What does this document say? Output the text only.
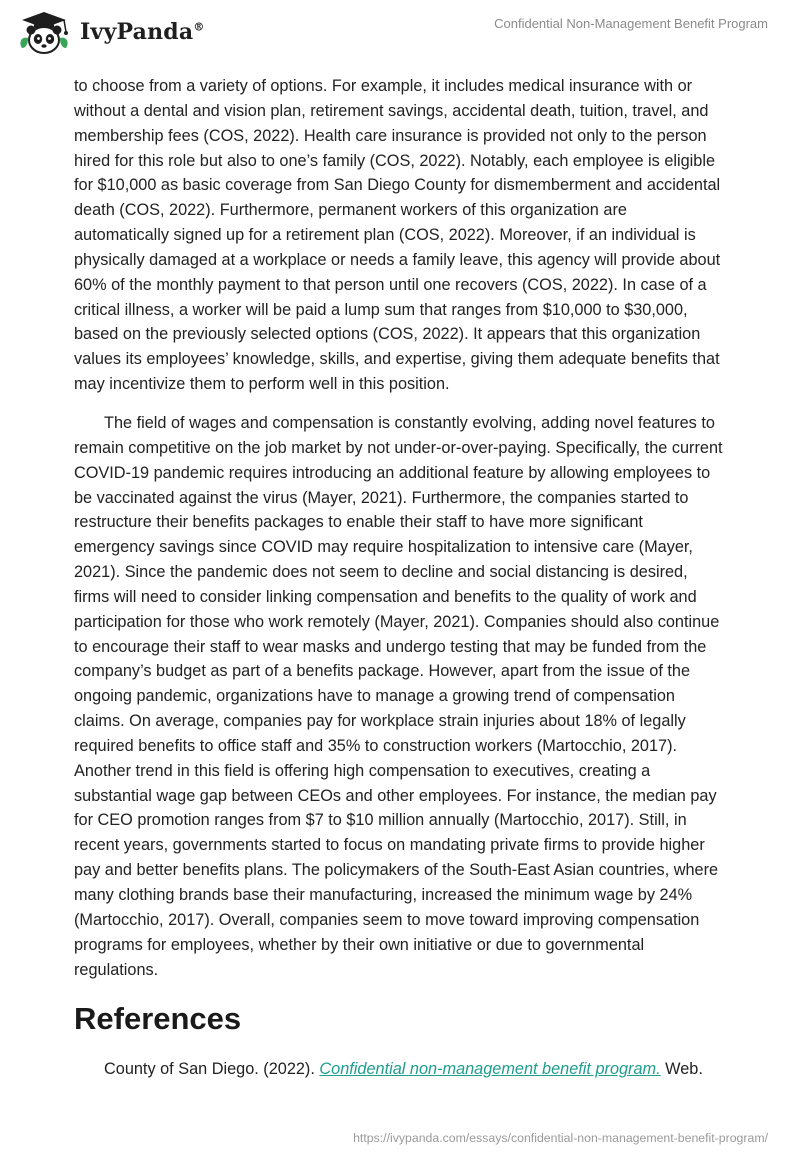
IvyPanda®	Confidential Non-Management Benefit Program

to choose from a variety of options. For example, it includes medical insurance with or without a dental and vision plan, retirement savings, accidental death, tuition, travel, and membership fees (COS, 2022). Health care insurance is provided not only to the person hired for this role but also to one’s family (COS, 2022). Notably, each employee is eligible for $10,000 as basic coverage from San Diego County for dismemberment and accidental death (COS, 2022). Furthermore, permanent workers of this organization are automatically signed up for a retirement plan (COS, 2022). Moreover, if an individual is physically damaged at a workplace or needs a family leave, this agency will provide about 60% of the monthly payment to that person until one recovers (COS, 2022). In case of a critical illness, a worker will be paid a lump sum that ranges from $10,000 to $30,000, based on the previously selected options (COS, 2022). It appears that this organization values its employees’ knowledge, skills, and expertise, giving them adequate benefits that may incentivize them to perform well in this position.

The field of wages and compensation is constantly evolving, adding novel features to remain competitive on the job market by not under-or-over-paying. Specifically, the current COVID-19 pandemic requires introducing an additional feature by allowing employees to be vaccinated against the virus (Mayer, 2021). Furthermore, the companies started to restructure their benefits packages to enable their staff to have more significant emergency savings since COVID may require hospitalization to intensive care (Mayer, 2021). Since the pandemic does not seem to decline and social distancing is desired, firms will need to consider linking compensation and benefits to the quality of work and participation for those who work remotely (Mayer, 2021). Companies should also continue to encourage their staff to wear masks and undergo testing that may be funded from the company’s budget as part of a benefits package. However, apart from the issue of the ongoing pandemic, organizations have to manage a growing trend of compensation claims. On average, companies pay for workplace strain injuries about 18% of legally required benefits to office staff and 35% to construction workers (Martocchio, 2017). Another trend in this field is offering high compensation to executives, creating a substantial wage gap between CEOs and other employees. For instance, the median pay for CEO promotion ranges from $7 to $10 million annually (Martocchio, 2017). Still, in recent years, governments started to focus on mandating private firms to provide higher pay and better benefits plans. The policymakers of the South-East Asian countries, where many clothing brands base their manufacturing, increased the minimum wage by 24% (Martocchio, 2017). Overall, companies seem to move toward improving compensation programs for employees, whether by their own initiative or due to governmental regulations.

References
County of San Diego. (2022). Confidential non-management benefit program. Web.
https://ivypanda.com/essays/confidential-non-management-benefit-program/
